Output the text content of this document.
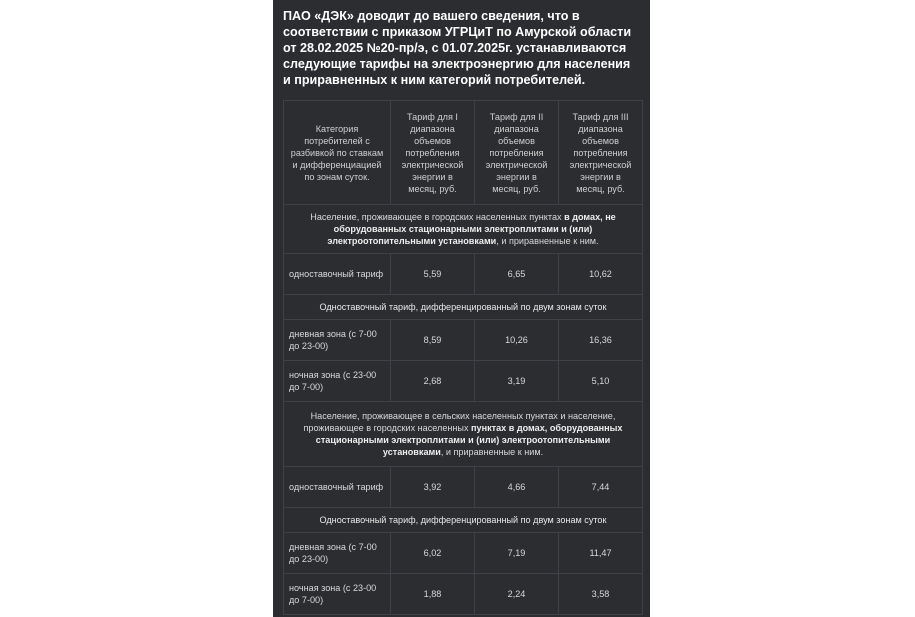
ПАО «ДЭК» доводит до вашего сведения, что в соответствии с приказом УГРЦиТ по Амурской области от 28.02.2025 №20-пр/э, с 01.07.2025г. устанавливаются следующие тарифы на электроэнергию для населения и приравненных к ним категорий потребителей.
Категория потребителей с разбивкой по ставкам и дифференциацией по зонам суток.	Тариф для I диапазона объемов потребления электрической энергии в месяц, руб.	Тариф для II диапазона объемов потребления электрической энергии в месяц, руб.	Тариф для III диапазона объемов потребления электрической энергии в месяц, руб.
Население, проживающее в городских населенных пунктах в домах, не оборудованных стационарными электроплитами и (или) электроотопительными установками, и приравненные к ним.			
одноставочный тариф	5,59	6,65	10,62
Одноставочный тариф, дифференцированный по двум зонам суток			
дневная зона (с 7-00 до 23-00)	8,59	10,26	16,36
ночная зона (с 23-00 до 7-00)	2,68	3,19	5,10
Население, проживающее в сельских населенных пунктах и население, проживающее в городских населенных пунктах в домах, оборудованных стационарными электроплитами и (или) электроотопительными установками, и приравненные к ним.			
одноставочный тариф	3,92	4,66	7,44
Одноставочный тариф, дифференцированный по двум зонам суток			
дневная зона (с 7-00 до 23-00)	6,02	7,19	11,47
ночная зона (с 23-00 до 7-00)	1,88	2,24	3,58
